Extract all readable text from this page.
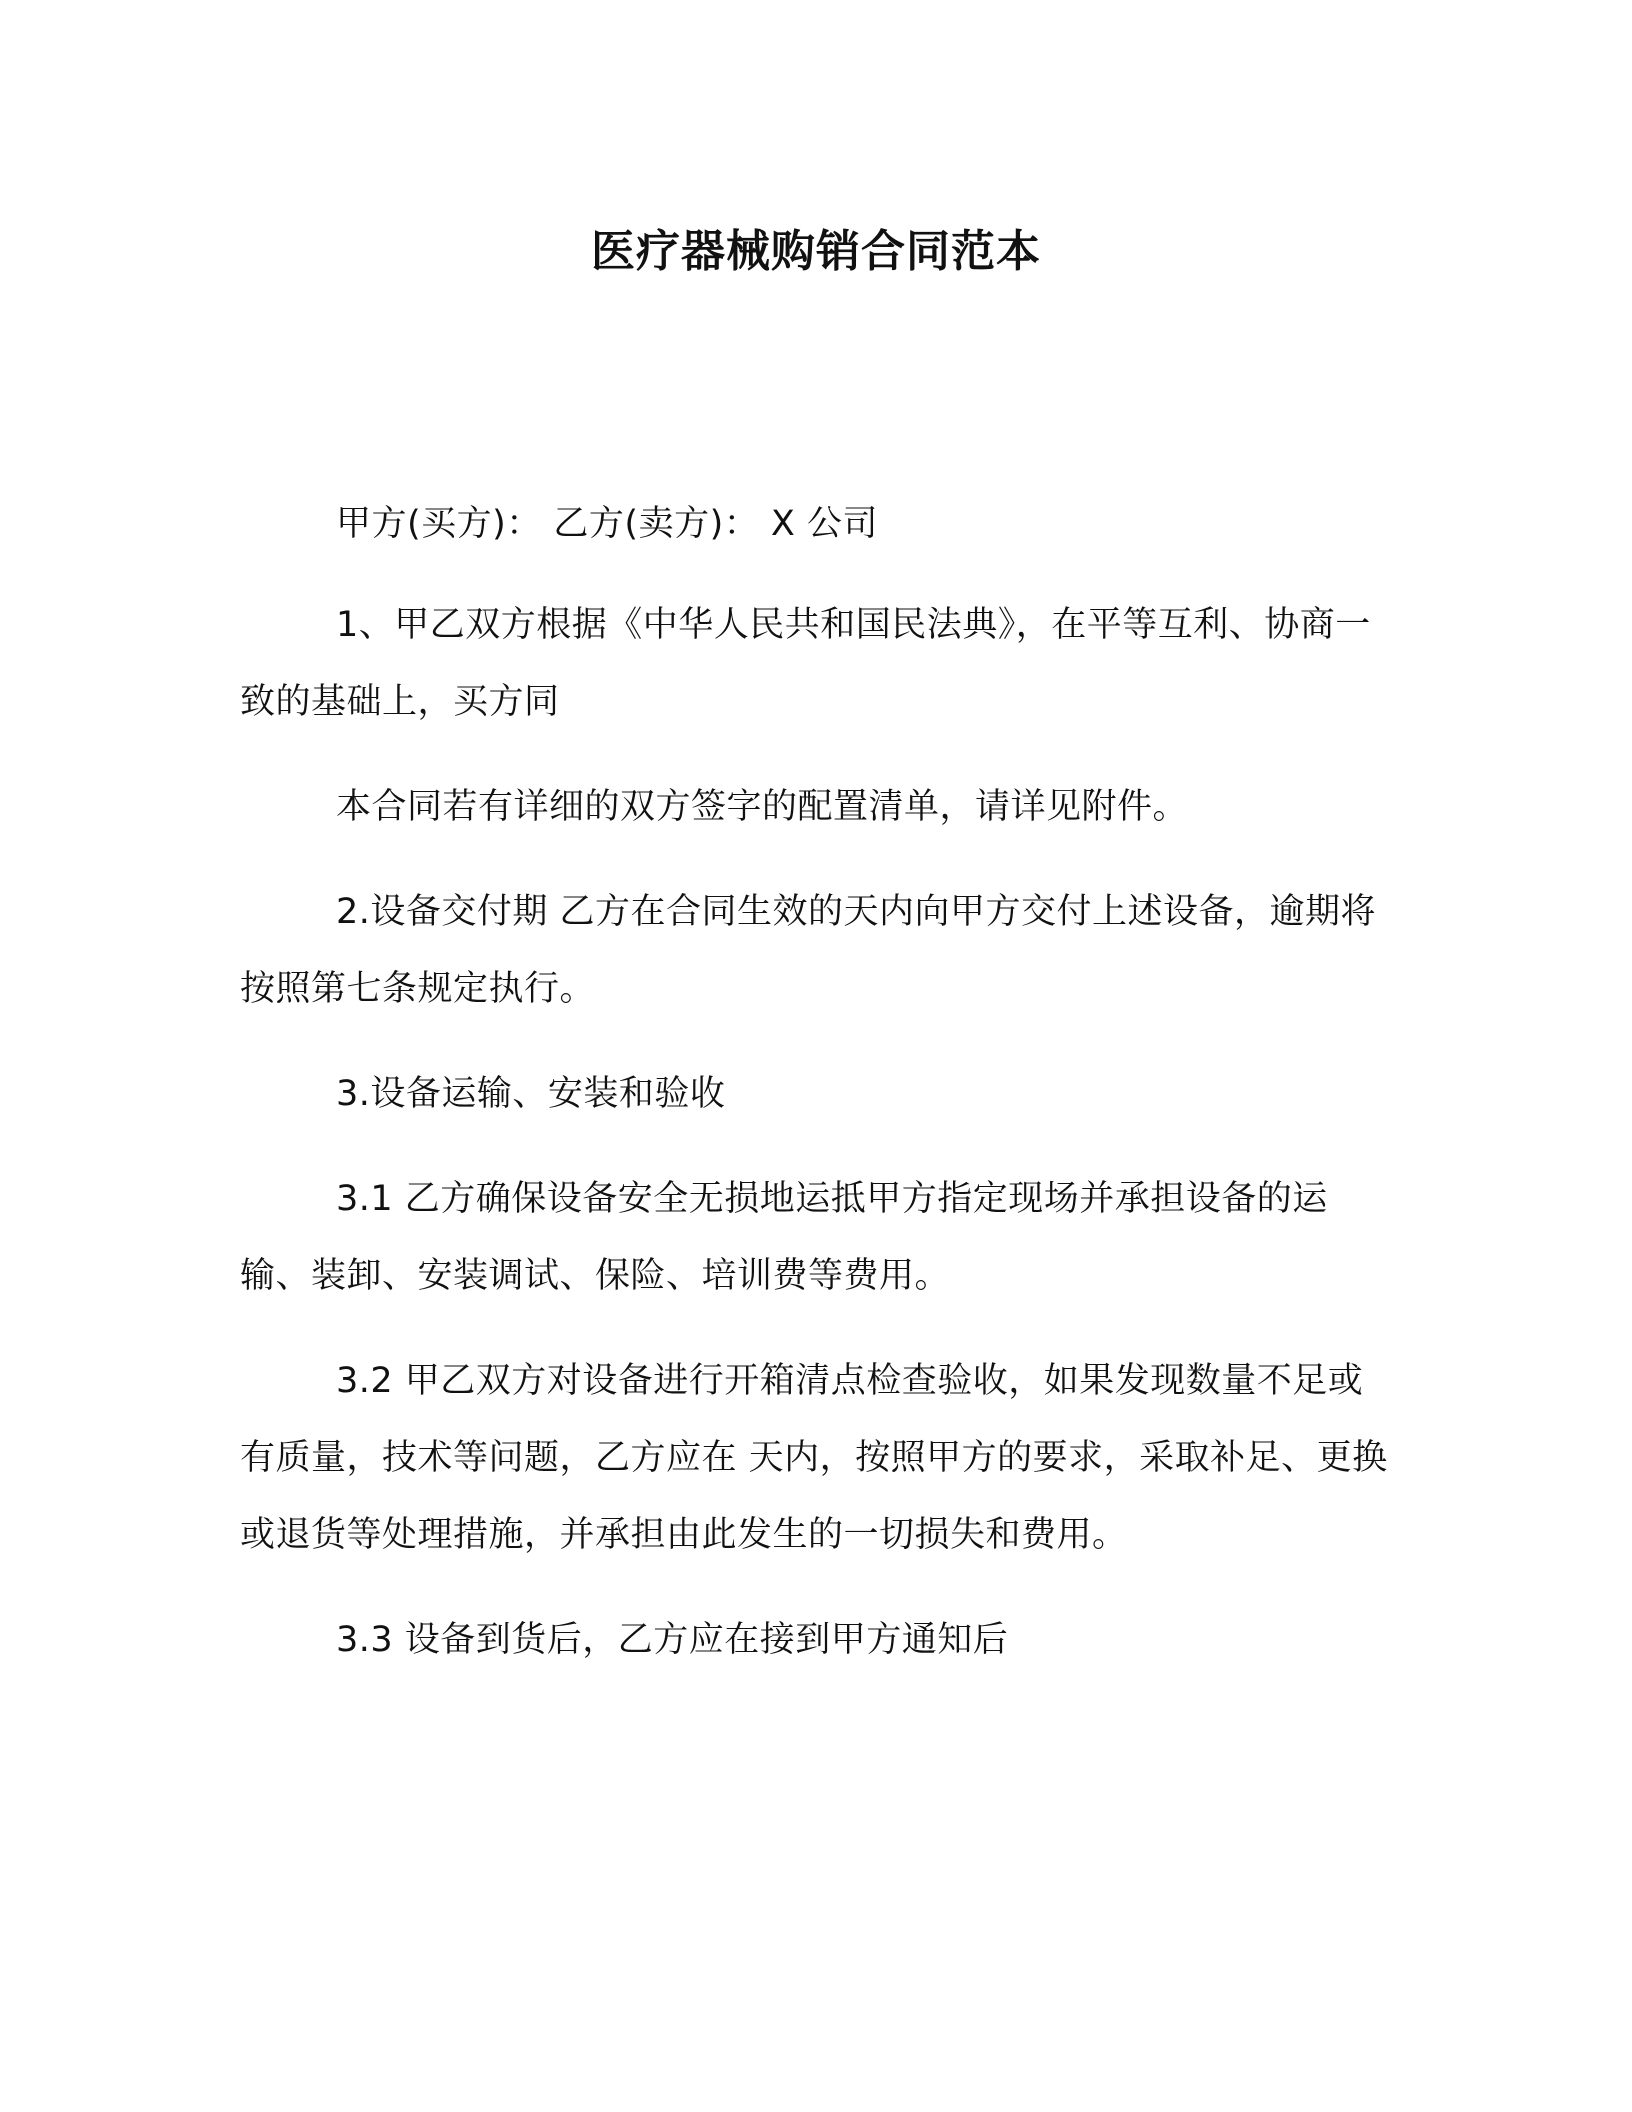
医疗器械购销合同范本

甲方(买方)： 乙方(卖方)： X 公司

1、甲乙双方根据《中华人民共和国民法典》，在平等互利、协商一致的基础上，买方同

本合同若有详细的双方签字的配置清单，请详见附件。

2.设备交付期 乙方在合同生效的天内向甲方交付上述设备，逾期将按照第七条规定执行。

3.设备运输、安装和验收

3.1 乙方确保设备安全无损地运抵甲方指定现场并承担设备的运输、装卸、安装调试、保险、培训费等费用。

3.2 甲乙双方对设备进行开箱清点检查验收，如果发现数量不足或有质量，技术等问题，乙方应在 天内，按照甲方的要求，采取补足、更换或退货等处理措施，并承担由此发生的一切损失和费用。

3.3 设备到货后，乙方应在接到甲方通知后
